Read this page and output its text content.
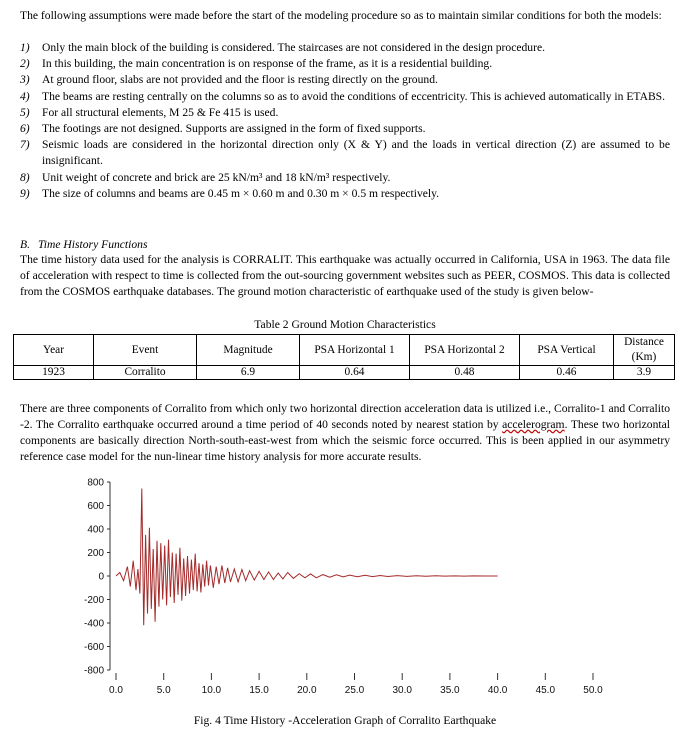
The following assumptions were made before the start of the modeling procedure so as to maintain similar conditions for both the models:

1) Only the main block of the building is considered. The staircases are not considered in the design procedure.
2) In this building, the main concentration is on response of the frame, as it is a residential building.
3) At ground floor, slabs are not provided and the floor is resting directly on the ground.
4) The beams are resting centrally on the columns so as to avoid the conditions of eccentricity. This is achieved automatically in ETABS.
5) For all structural elements, M 25 & Fe 415 is used.
6) The footings are not designed. Supports are assigned in the form of fixed supports.
7) Seismic loads are considered in the horizontal direction only (X & Y) and the loads in vertical direction (Z) are assumed to be insignificant.
8) Unit weight of concrete and brick are 25 kN/m³ and 18 kN/m³ respectively.
9) The size of columns and beams are 0.45 m × 0.60 m and 0.30 m × 0.5 m respectively.
B. Time History Functions

The time history data used for the analysis is CORRALIT. This earthquake was actually occurred in California, USA in 1963. The data file of acceleration with respect to time is collected from the out-sourcing government websites such as PEER, COSMOS. This data is collected from the COSMOS earthquake databases. The ground motion characteristic of earthquake used of the study is given below-

Table 2 Ground Motion Characteristics
Year	Event	Magnitude	PSA Horizontal 1	PSA Horizontal 2	PSA Vertical	Distance (Km)
1923	Corralito	6.9	0.64	0.48	0.46	3.9

There are three components of Corralito from which only two horizontal direction acceleration data is utilized i.e., Corralito-1 and Corralito -2. The Corralito earthquake occurred around a time period of 40 seconds noted by nearest station by accelerogram. These two horizontal components are basically direction North-south-east-west from which the seismic force occurred. This is been applied in our asymmetry reference case model for the nun-linear time history analysis for more accurate results.

800
600
400
200
0
-200
-400
-600
-800
0.0	5.0	10.0	15.0	20.0	25.0	30.0	35.0	40.0	45.0	50.0
Fig. 4 Time History -Acceleration Graph of Corralito Earthquake
